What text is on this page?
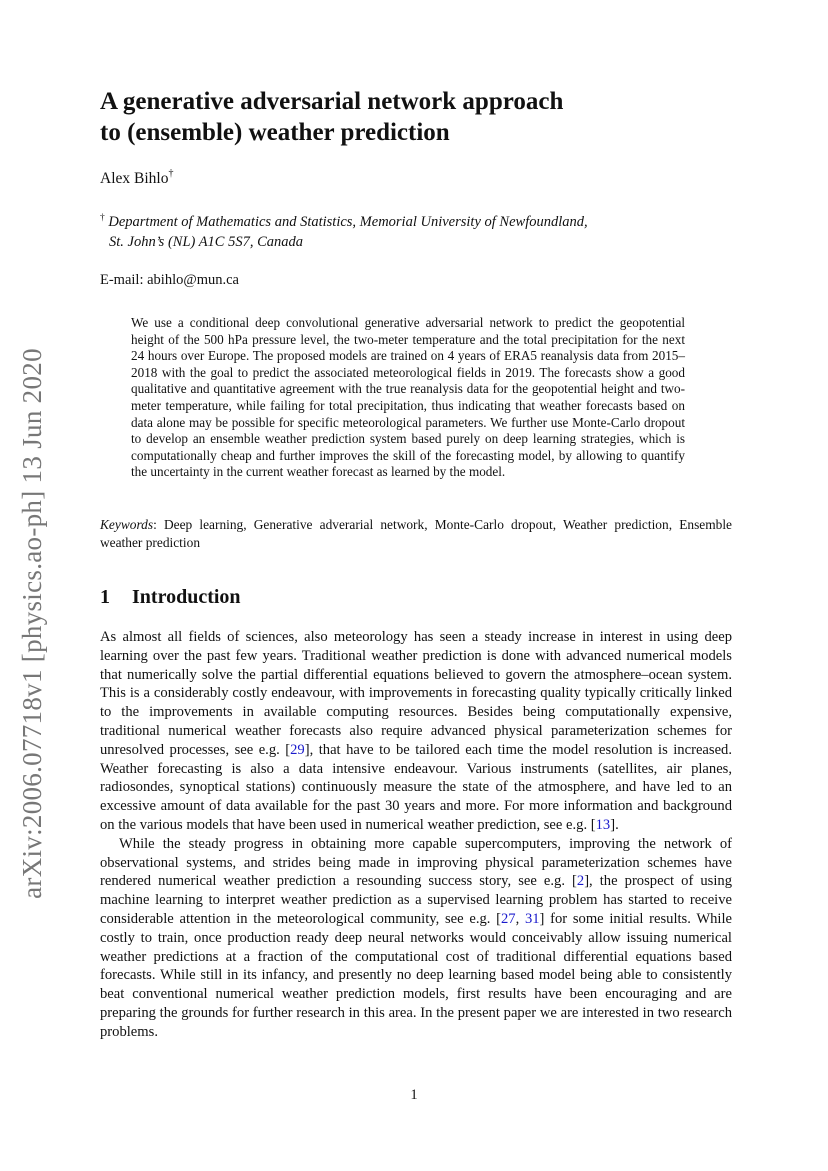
arXiv:2006.07718v1 [physics.ao-ph] 13 Jun 2020
A generative adversarial network approach
to (ensemble) weather prediction
Alex Bihlo†
† Department of Mathematics and Statistics, Memorial University of Newfoundland,
St. John’s (NL) A1C 5S7, Canada
E-mail: abihlo@mun.ca

We use a conditional deep convolutional generative adversarial network to predict the geopotential height of the 500 hPa pressure level, the two-meter temperature and the total precipitation for the next 24 hours over Europe. The proposed models are trained on 4 years of ERA5 reanalysis data from 2015–2018 with the goal to predict the associated meteorological fields in 2019. The forecasts show a good qualitative and quantitative agreement with the true reanalysis data for the geopotential height and two-meter temperature, while failing for total precipitation, thus indicating that weather forecasts based on data alone may be possible for specific meteorological parameters. We further use Monte-Carlo dropout to develop an ensemble weather prediction system based purely on deep learning strategies, which is computationally cheap and further improves the skill of the forecasting model, by allowing to quantify the uncertainty in the current weather forecast as learned by the model.

Keywords: Deep learning, Generative adverarial network, Monte-Carlo dropout, Weather prediction, Ensemble weather prediction

1 Introduction

As almost all fields of sciences, also meteorology has seen a steady increase in interest in using deep learning over the past few years. Traditional weather prediction is done with advanced numerical models that numerically solve the partial differential equations believed to govern the atmosphere–ocean system. This is a considerably costly endeavour, with improvements in forecasting quality typically critically linked to the improvements in available computing resources. Besides being computationally expensive, traditional numerical weather forecasts also require advanced physical parameterization schemes for unresolved processes, see e.g. [29], that have to be tailored each time the model resolution is increased. Weather forecasting is also a data intensive endeavour. Various instruments (satellites, air planes, radiosondes, synoptical stations) continuously measure the state of the atmosphere, and have led to an excessive amount of data available for the past 30 years and more. For more information and background on the various models that have been used in numerical weather prediction, see e.g. [13].

While the steady progress in obtaining more capable supercomputers, improving the network of observational systems, and strides being made in improving physical parameterization schemes have rendered numerical weather prediction a resounding success story, see e.g. [2], the prospect of using machine learning to interpret weather prediction as a supervised learning problem has started to receive considerable attention in the meteorological community, see e.g. [27, 31] for some initial results. While costly to train, once production ready deep neural networks would conceivably allow issuing numerical weather predictions at a fraction of the computational cost of traditional differential equations based forecasts. While still in its infancy, and presently no deep learning based model being able to consistently beat conventional numerical weather prediction models, first results have been encouraging and are preparing the grounds for further research in this area. In the present paper we are interested in two research problems.

1
